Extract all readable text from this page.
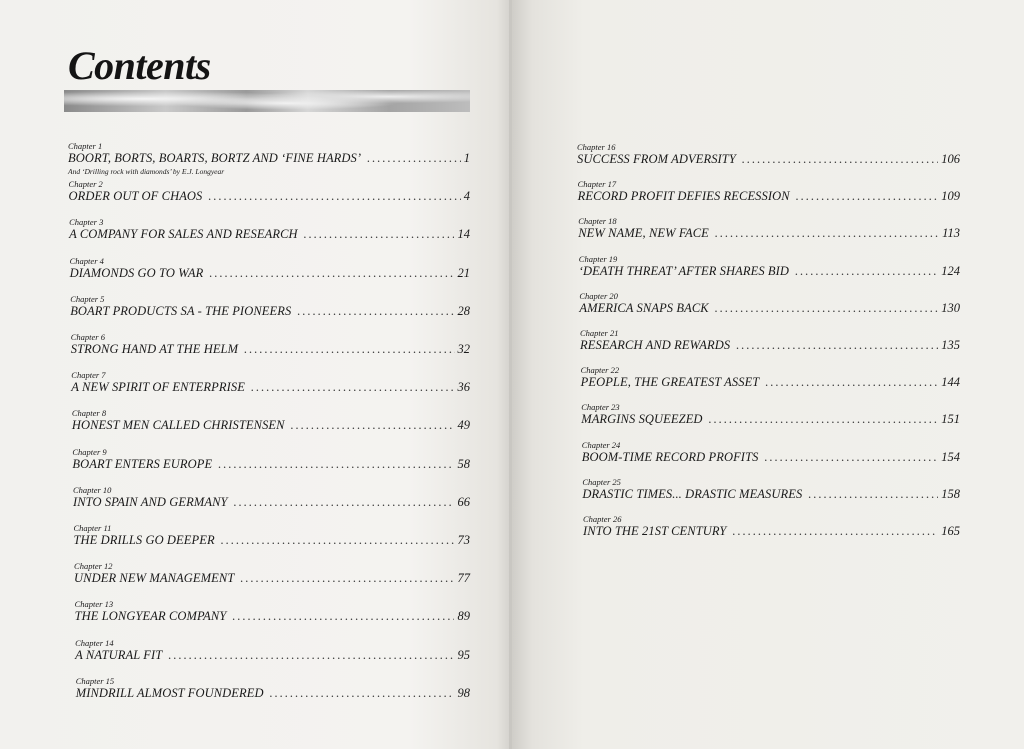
Contents
Chapter 1
BOORT, BORTS, BOARTS, BORTZ AND ‘FINE HARDS’ .....	1
And ‘Drilling rock with diamonds’ by E.J. Longyear
Chapter 2
ORDER OUT OF CHAOS .....	4
Chapter 3
A COMPANY FOR SALES AND RESEARCH .....	14
Chapter 4
DIAMONDS GO TO WAR .....	21
Chapter 5
BOART PRODUCTS SA - THE PIONEERS .....	28
Chapter 6
STRONG HAND AT THE HELM .....	32
Chapter 7
A NEW SPIRIT OF ENTERPRISE .....	36
Chapter 8
HONEST MEN CALLED CHRISTENSEN .....	49
Chapter 9
BOART ENTERS EUROPE .....	58
Chapter 10
INTO SPAIN AND GERMANY .....	66
Chapter 11
THE DRILLS GO DEEPER .....	73
Chapter 12
UNDER NEW MANAGEMENT .....	77
Chapter 13
THE LONGYEAR COMPANY .....	89
Chapter 14
A NATURAL FIT .....	95
Chapter 15
MINDRILL ALMOST FOUNDERED .....	98
Chapter 16
SUCCESS FROM ADVERSITY .....	106
Chapter 17
RECORD PROFIT DEFIES RECESSION .....	109
Chapter 18
NEW NAME, NEW FACE .....	113
Chapter 19
‘DEATH THREAT’ AFTER SHARES BID .....	124
Chapter 20
AMERICA SNAPS BACK .....	130
Chapter 21
RESEARCH AND REWARDS .....	135
Chapter 22
PEOPLE, THE GREATEST ASSET .....	144
Chapter 23
MARGINS SQUEEZED .....	151
Chapter 24
BOOM-TIME RECORD PROFITS .....	154
Chapter 25
DRASTIC TIMES... DRASTIC MEASURES .....	158
Chapter 26
INTO THE 21ST CENTURY .....	165
